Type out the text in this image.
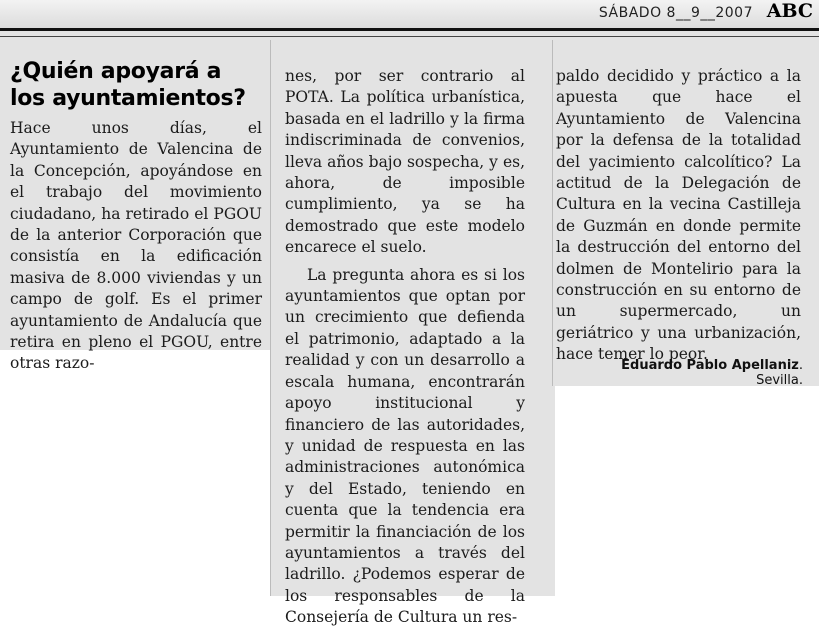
SÁBADO 8__9__2007 ABC
¿Quién apoyará a los ayuntamientos?

Hace unos días, el Ayuntamiento de Valencina de la Concepción, apoyándose en el trabajo del movimiento ciudadano, ha retirado el PGOU de la anterior Corporación que consistía en la edificación masiva de 8.000 viviendas y un campo de golf. Es el primer ayuntamiento de Andalucía que retira en pleno el PGOU, entre otras razo-

nes, por ser contrario al POTA. La política urbanística, basada en el ladrillo y la firma indiscriminada de convenios, lleva años bajo sospecha, y es, ahora, de imposible cumplimiento, ya se ha demostrado que este modelo encarece el suelo.

La pregunta ahora es si los ayuntamientos que optan por un crecimiento que defienda el patrimonio, adaptado a la realidad y con un desarrollo a escala humana, encontrarán apoyo institucional y financiero de las autoridades, y unidad de respuesta en las administraciones autonómica y del Estado, teniendo en cuenta que la tendencia era permitir la financiación de los ayuntamientos a través del ladrillo. ¿Podemos esperar de los responsables de la Consejería de Cultura un res-

paldo decidido y práctico a la apuesta que hace el Ayuntamiento de Valencina por la defensa de la totalidad del yacimiento calcolítico? La actitud de la Delegación de Cultura en la vecina Castilleja de Guzmán en donde permite la destrucción del entorno del dolmen de Montelirio para la construcción en su entorno de un supermercado, un geriátrico y una urbanización, hace temer lo peor.

Eduardo Pablo Apellaniz. Sevilla.
